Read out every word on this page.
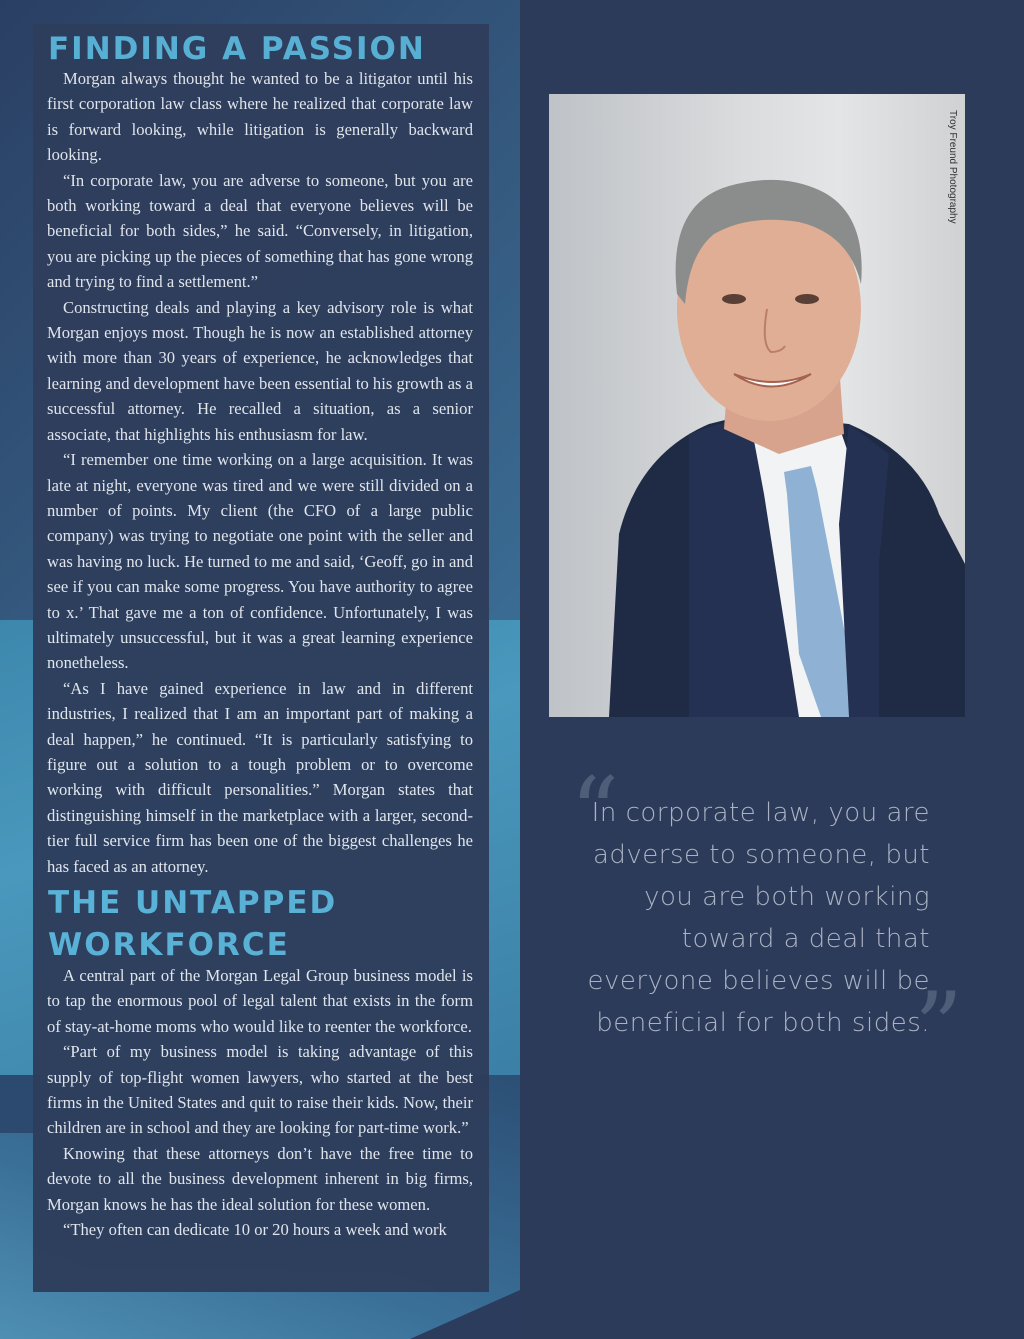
FINDING A PASSION

Morgan always thought he wanted to be a litigator until his first corporation law class where he realized that corporate law is forward looking, while litigation is generally backward looking.

“In corporate law, you are adverse to someone, but you are both working toward a deal that everyone believes will be beneficial for both sides,” he said. “Conversely, in litigation, you are picking up the pieces of something that has gone wrong and trying to find a settlement.”

Constructing deals and playing a key advisory role is what Morgan enjoys most. Though he is now an established attorney with more than 30 years of experience, he acknowledges that learning and development have been essential to his growth as a successful attorney. He recalled a situation, as a senior associate, that highlights his enthusiasm for law.

“I remember one time working on a large acquisition. It was late at night, everyone was tired and we were still divided on a number of points. My client (the CFO of a large public company) was trying to negotiate one point with the seller and was having no luck. He turned to me and said, ‘Geoff, go in and see if you can make some progress. You have authority to agree to x.’ That gave me a ton of confidence. Unfortunately, I was ultimately unsuccessful, but it was a great learning experience nonetheless.

“As I have gained experience in law and in different industries, I realized that I am an important part of making a deal happen,” he continued. “It is particularly satisfying to figure out a solution to a tough problem or to overcome working with difficult personalities.” Morgan states that distinguishing himself in the marketplace with a larger, second-tier full service firm has been one of the biggest challenges he has faced as an attorney.

THE UNTAPPED WORKFORCE

A central part of the Morgan Legal Group business model is to tap the enormous pool of legal talent that exists in the form of stay-at-home moms who would like to reenter the workforce.

“Part of my business model is taking advantage of this supply of top-flight women lawyers, who started at the best firms in the United States and quit to raise their kids. Now, their children are in school and they are looking for part-time work.”

Knowing that these attorneys don’t have the free time to devote to all the business development inherent in big firms, Morgan knows he has the ideal solution for these women.

“They often can dedicate 10 or 20 hours a week and work

Troy Freund Photography
“
In corporate law, you are adverse to someone, but you are both working toward a deal that everyone believes will be beneficial for both sides.
”
